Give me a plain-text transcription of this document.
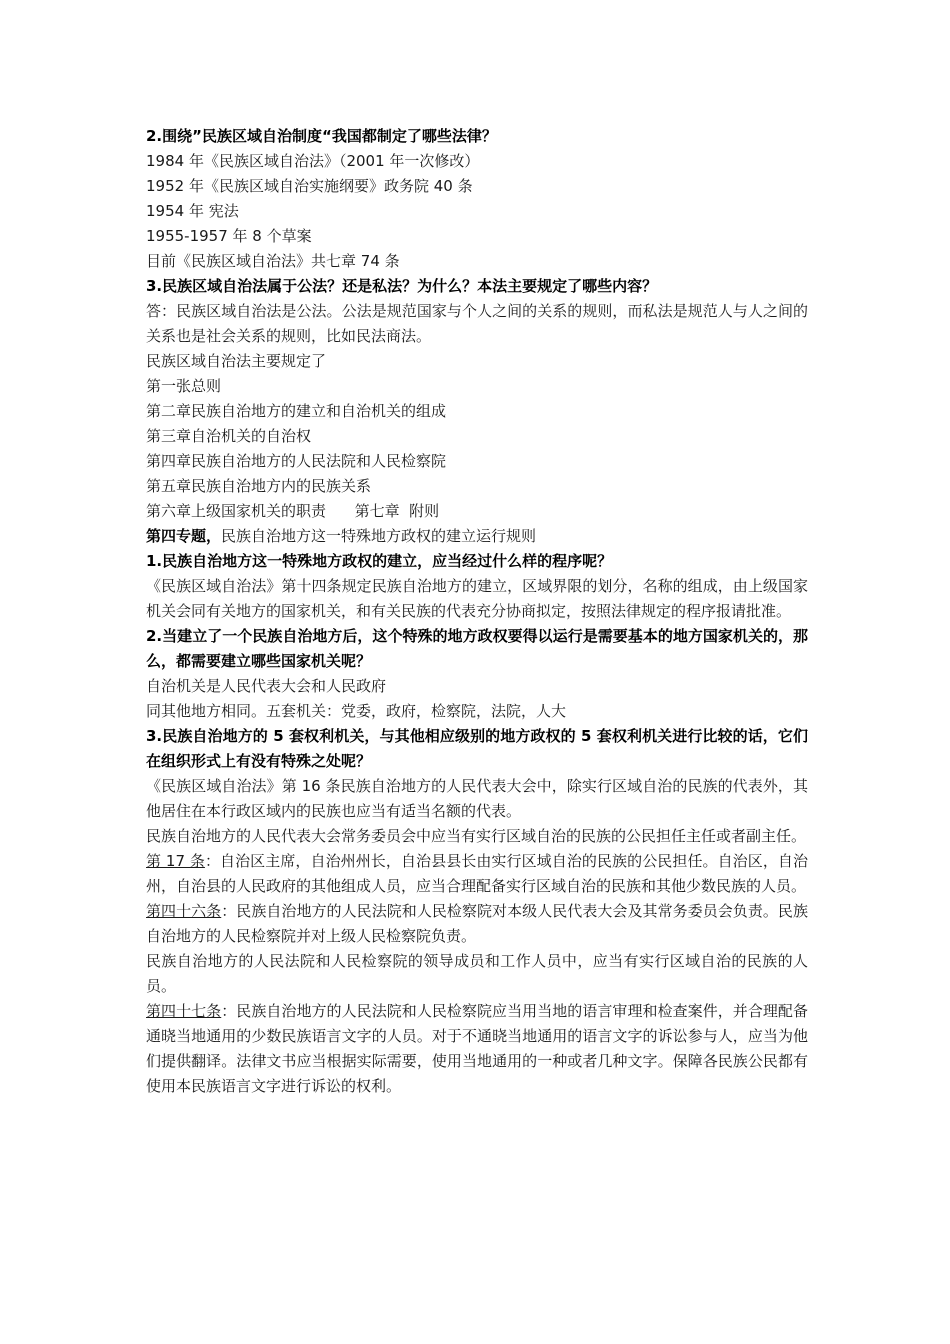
2.围绕”民族区域自治制度“我国都制定了哪些法律？
1984 年《民族区域自治法》（2001 年一次修改）
1952 年《民族区域自治实施纲要》政务院 40 条
1954 年 宪法
1955-1957 年 8 个草案
目前《民族区域自治法》共七章 74 条
3.民族区域自治法属于公法？还是私法？为什么？本法主要规定了哪些内容？
答：民族区域自治法是公法。公法是规范国家与个人之间的关系的规则，而私法是规范人与人之间的关系也是社会关系的规则，比如民法商法。
民族区域自治法主要规定了
第一张总则
第二章民族自治地方的建立和自治机关的组成
第三章自治机关的自治权
第四章民族自治地方的人民法院和人民检察院
第五章民族自治地方内的民族关系
第六章上级国家机关的职责      第七章  附则
第四专题，民族自治地方这一特殊地方政权的建立运行规则
1.民族自治地方这一特殊地方政权的建立，应当经过什么样的程序呢？
《民族区域自治法》第十四条规定民族自治地方的建立，区域界限的划分，名称的组成，由上级国家机关会同有关地方的国家机关，和有关民族的代表充分协商拟定，按照法律规定的程序报请批准。
2.当建立了一个民族自治地方后，这个特殊的地方政权要得以运行是需要基本的地方国家机关的，那么，都需要建立哪些国家机关呢？
自治机关是人民代表大会和人民政府
同其他地方相同。五套机关：党委，政府，检察院，法院，人大
3.民族自治地方的 5 套权利机关，与其他相应级别的地方政权的 5 套权利机关进行比较的话，它们在组织形式上有没有特殊之处呢？
《民族区域自治法》第 16 条民族自治地方的人民代表大会中，除实行区域自治的民族的代表外，其他居住在本行政区域内的民族也应当有适当名额的代表。
民族自治地方的人民代表大会常务委员会中应当有实行区域自治的民族的公民担任主任或者副主任。
第 17 条：自治区主席，自治州州长，自治县县长由实行区域自治的民族的公民担任。自治区，自治州，自治县的人民政府的其他组成人员，应当合理配备实行区域自治的民族和其他少数民族的人员。
第四十六条：民族自治地方的人民法院和人民检察院对本级人民代表大会及其常务委员会负责。民族自治地方的人民检察院并对上级人民检察院负责。
民族自治地方的人民法院和人民检察院的领导成员和工作人员中，应当有实行区域自治的民族的人员。
第四十七条：民族自治地方的人民法院和人民检察院应当用当地的语言审理和检查案件，并合理配备通晓当地通用的少数民族语言文字的人员。对于不通晓当地通用的语言文字的诉讼参与人，应当为他们提供翻译。法律文书应当根据实际需要，使用当地通用的一种或者几种文字。保障各民族公民都有使用本民族语言文字进行诉讼的权利。
